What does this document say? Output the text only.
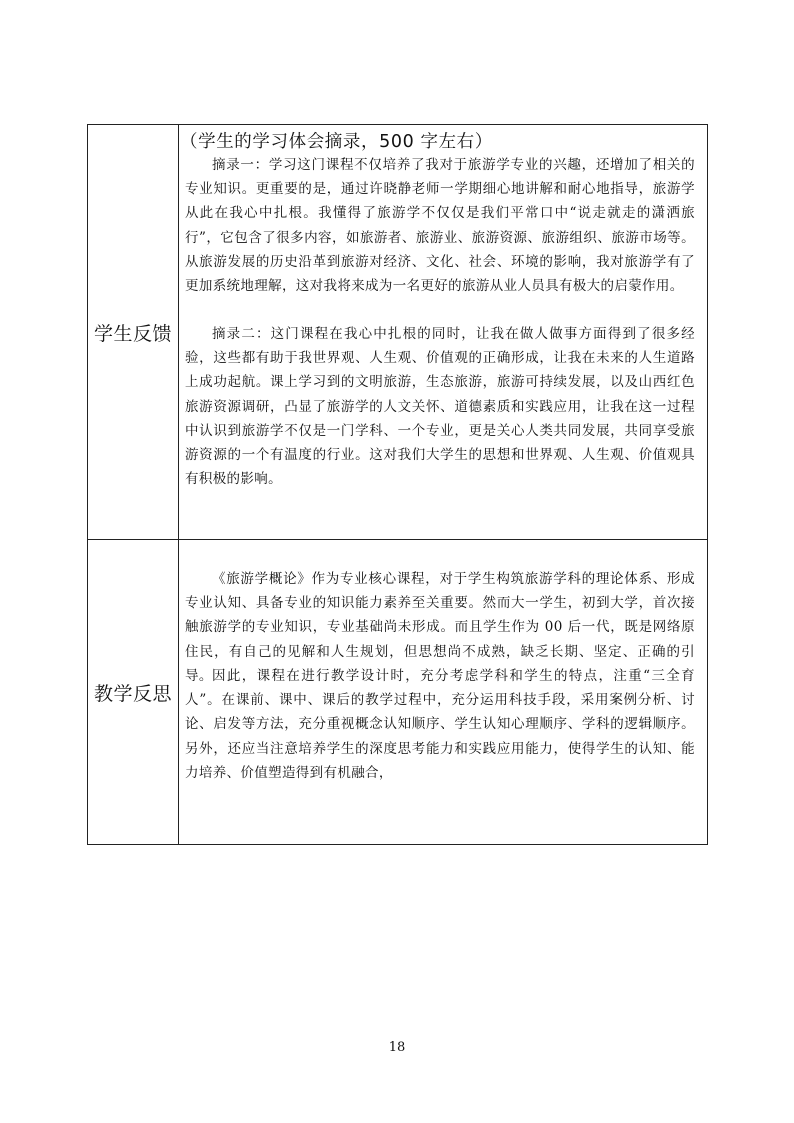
学生反馈
（学生的学习体会摘录，500 字左右）

摘录一：学习这门课程不仅培养了我对于旅游学专业的兴趣，还增加了相关的专业知识。更重要的是，通过许晓静老师一学期细心地讲解和耐心地指导，旅游学从此在我心中扎根。我懂得了旅游学不仅仅是我们平常口中“说走就走的潇洒旅行”，它包含了很多内容，如旅游者、旅游业、旅游资源、旅游组织、旅游市场等。从旅游发展的历史沿革到旅游对经济、文化、社会、环境的影响，我对旅游学有了更加系统地理解，这对我将来成为一名更好的旅游从业人员具有极大的启蒙作用。

摘录二：这门课程在我心中扎根的同时，让我在做人做事方面得到了很多经验，这些都有助于我世界观、人生观、价值观的正确形成，让我在未来的人生道路上成功起航。课上学习到的文明旅游，生态旅游，旅游可持续发展，以及山西红色旅游资源调研，凸显了旅游学的人文关怀、道德素质和实践应用，让我在这一过程中认识到旅游学不仅是一门学科、一个专业，更是关心人类共同发展，共同享受旅游资源的一个有温度的行业。这对我们大学生的思想和世界观、人生观、价值观具有积极的影响。

教学反思

《旅游学概论》作为专业核心课程，对于学生构筑旅游学科的理论体系、形成专业认知、具备专业的知识能力素养至关重要。然而大一学生，初到大学，首次接触旅游学的专业知识，专业基础尚未形成。而且学生作为 00 后一代，既是网络原住民，有自己的见解和人生规划，但思想尚不成熟，缺乏长期、坚定、正确的引导。 因此，课程在进行教学设计时，充分考虑学科和学生的特点，注重“三全育人”。在课前、课中、课后的教学过程中，充分运用科技手段，采用案例分析、讨论、启发等方法，充分重视概念认知顺序、学生认知心理顺序、学科的逻辑顺序。另外，还应当注意培养学生的深度思考能力和实践应用能力，使得学生的认知、能力培养、价值塑造得到有机融合，

18
